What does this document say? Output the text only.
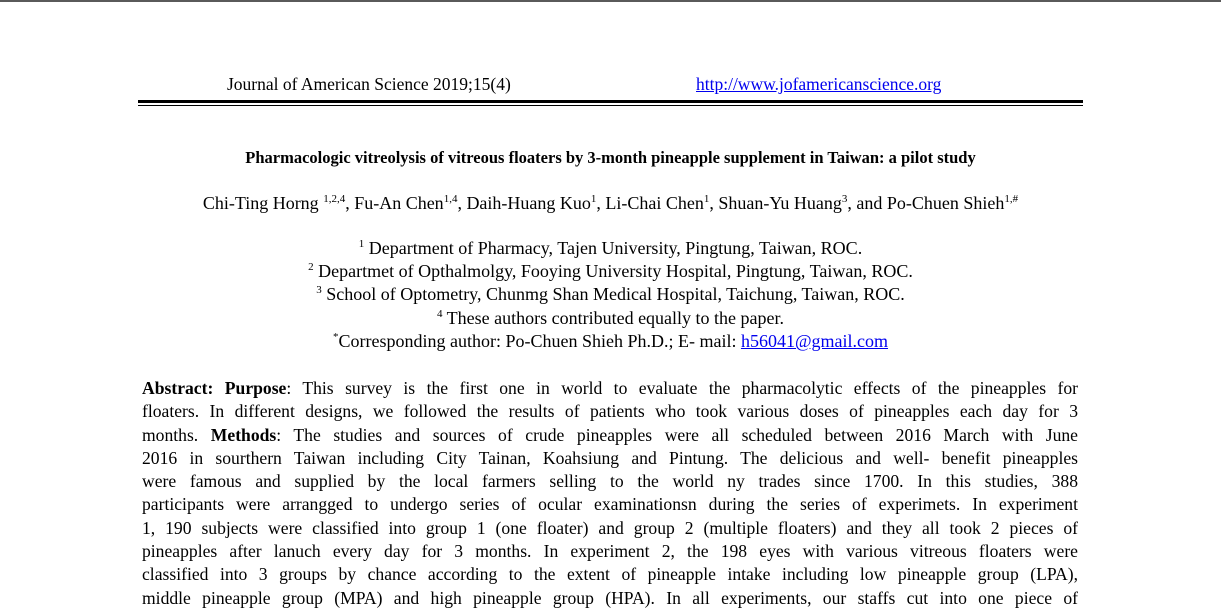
Journal of American Science 2019;15(4)	http://www.jofamericanscience.org
Pharmacologic vitreolysis of vitreous floaters by 3-month pineapple supplement in Taiwan: a pilot study
Chi-Ting Horng $^{1,2,4}$, Fu-An Chen$^{1,4}$, Daih-Huang Kuo$^1$, Li-Chai Chen$^1$, Shuan-Yu Huang$^3$, and Po-Chuen Shieh$^{1,\#}$
$^1$ Department of Pharmacy, Tajen University, Pingtung, Taiwan, ROC.
$^2$ Departmet of Opthalmolgy, Fooying University Hospital, Pingtung, Taiwan, ROC.
$^3$ School of Optometry, Chunmg Shan Medical Hospital, Taichung, Taiwan, ROC.
$^4$ These authors contributed equally to the paper.
*Corresponding author: Po-Chuen Shieh Ph.D.; E- mail: h56041@gmail.com
Abstract: Purpose: This survey is the first one in world to evaluate the pharmacolytic effects of the pineapples for
floaters. In different designs, we followed the results of patients who took various doses of pineapples each day for 3
months. Methods: The studies and sources of crude pineapples were all scheduled between 2016 March with June
2016 in sourthern Taiwan including City Tainan, Koahsiung and Pintung. The delicious and well- benefit pineapples
were famous and supplied by the local farmers selling to the world ny trades since 1700. In this studies, 388
participants were arrangged to undergo series of ocular examinationsn during the series of experimets. In experiment
1, 190 subjects were classified into group 1 (one floater) and group 2 (multiple floaters) and they all took 2 pieces of
pineapples after lanuch every day for 3 months. In experiment 2, the 198 eyes with various vitreous floaters were
classified into 3 groups by chance according to the extent of pineapple intake including low pineapple group (LPA),
middle pineapple group (MPA) and high pineapple group (HPA). In all experiments, our staffs cut into one piece of
